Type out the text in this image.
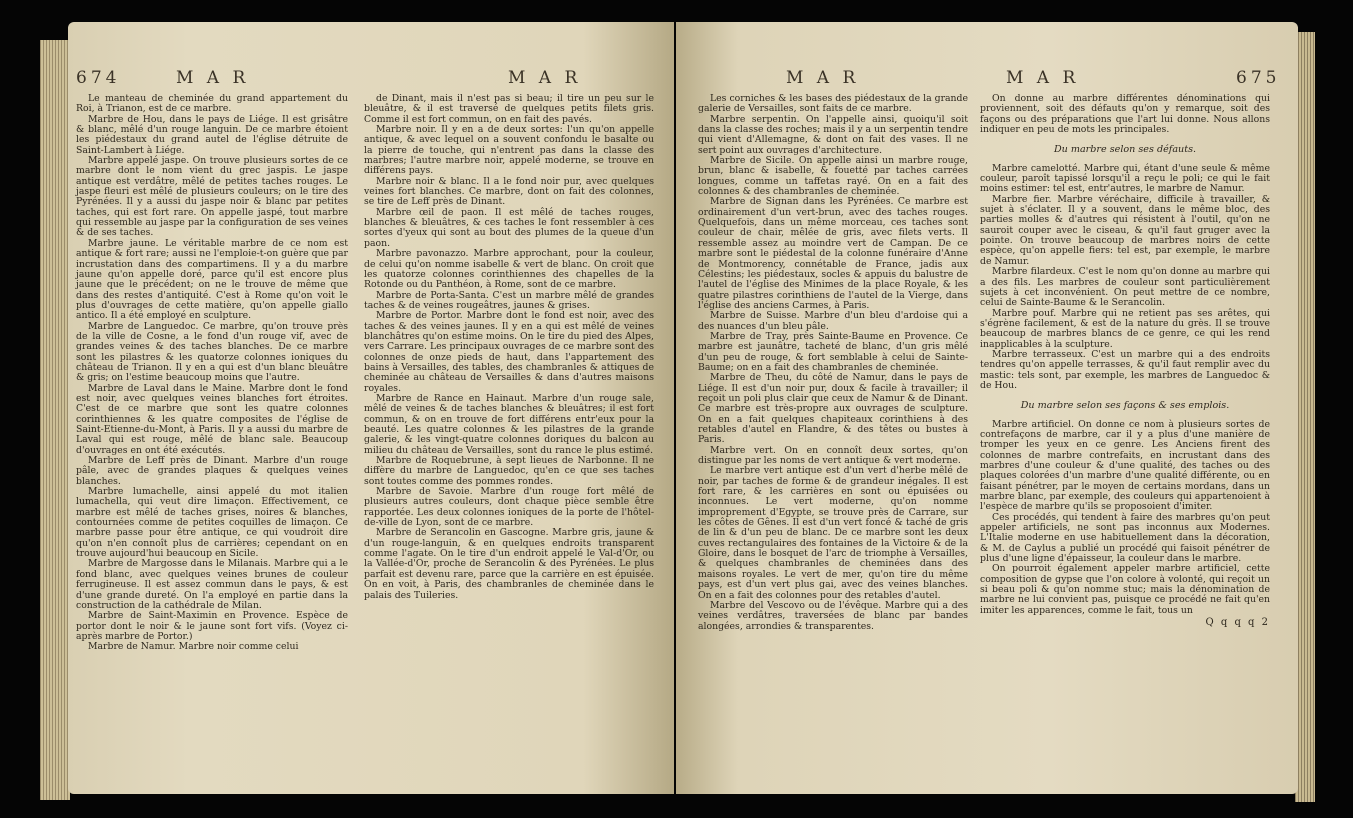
674	M A R	M A R

Le manteau de cheminée du grand appartement du Roi, à Trianon, est de ce marbre.

Marbre de Hou, dans le pays de Liége. Il est grisâtre & blanc, mêlé d'un rouge languin. De ce marbre étoient les piédestaux du grand autel de l'église détruite de Saint-Lambert à Liége.

Marbre appelé jaspe. On trouve plusieurs sortes de ce marbre dont le nom vient du grec jaspis. Le jaspe antique est verdâtre, mêlé de petites taches rouges. Le jaspe fleuri est mêlé de plusieurs couleurs; on le tire des Pyrénées. Il y a aussi du jaspe noir & blanc par petites taches, qui est fort rare. On appelle jaspé, tout marbre qui ressemble au jaspe par la configuration de ses veines & de ses taches.

Marbre jaune. Le véritable marbre de ce nom est antique & fort rare; aussi ne l'emploie-t-on guère que par incrustation dans des compartimens. Il y a du marbre jaune qu'on appelle doré, parce qu'il est encore plus jaune que le précédent; on ne le trouve de même que dans des restes d'antiquité. C'est à Rome qu'on voit le plus d'ouvrages de cette matière, qu'on appelle giallo antico. Il a été employé en sculpture.

Marbre de Languedoc. Ce marbre, qu'on trouve près de la ville de Cosne, a le fond d'un rouge vif, avec de grandes veines & des taches blanches. De ce marbre sont les pilastres & les quatorze colonnes ioniques du château de Trianon. Il y en a qui est d'un blanc bleuâtre & gris; on l'estime beaucoup moins que l'autre.

Marbre de Laval dans le Maine. Marbre dont le fond est noir, avec quelques veines blanches fort étroites. C'est de ce marbre que sont les quatre colonnes corinthiennes & les quatre composites de l'église de Saint-Etienne-du-Mont, à Paris. Il y a aussi du marbre de Laval qui est rouge, mêlé de blanc sale. Beaucoup d'ouvrages en ont été exécutés.

Marbre de Leff près de Dinant. Marbre d'un rouge pâle, avec de grandes plaques & quelques veines blanches.

Marbre lumachelle, ainsi appelé du mot italien lumachella, qui veut dire limaçon. Effectivement, ce marbre est mêlé de taches grises, noires & blanches, contournées comme de petites coquilles de limaçon. Ce marbre passe pour être antique, ce qui voudroit dire qu'on n'en connoît plus de carrières; cependant on en trouve aujourd'hui beaucoup en Sicile.

Marbre de Margosse dans le Milanais. Marbre qui a le fond blanc, avec quelques veines brunes de couleur ferrugineuse. Il est assez commun dans le pays, & est d'une grande dureté. On l'a employé en partie dans la construction de la cathédrale de Milan.

Marbre de Saint-Maximin en Provence. Espèce de portor dont le noir & le jaune sont fort vifs. (Voyez ci-après marbre de Portor.)

Marbre de Namur. Marbre noir comme celui

de Dinant, mais il n'est pas si beau; il tire un peu sur le bleuâtre, & il est traversé de quelques petits filets gris. Comme il est fort commun, on en fait des pavés.

Marbre noir. Il y en a de deux sortes: l'un qu'on appelle antique, & avec lequel on a souvent confondu le basalte ou la pierre de touche, qui n'entrent pas dans la classe des marbres; l'autre marbre noir, appelé moderne, se trouve en différens pays.

Marbre noir & blanc. Il a le fond noir pur, avec quelques veines fort blanches. Ce marbre, dont on fait des colonnes, se tire de Leff près de Dinant.

Marbre œil de paon. Il est mêlé de taches rouges, blanches & bleuâtres, & ces taches le font ressembler à ces sortes d'yeux qui sont au bout des plumes de la queue d'un paon.

Marbre pavonazzo. Marbre approchant, pour la couleur, de celui qu'on nomme isabelle & vert de blanc. On croit que les quatorze colonnes corinthiennes des chapelles de la Rotonde ou du Panthéon, à Rome, sont de ce marbre.

Marbre de Porta-Santa. C'est un marbre mêlé de grandes taches & de veines rougeâtres, jaunes & grises.

Marbre de Portor. Marbre dont le fond est noir, avec des taches & des veines jaunes. Il y en a qui est mêlé de veines blanchâtres qu'on estime moins. On le tire du pied des Alpes, vers Carrare. Les principaux ouvrages de ce marbre sont des colonnes de onze pieds de haut, dans l'appartement des bains à Versailles, des tables, des chambranles & attiques de cheminée au château de Versailles & dans d'autres maisons royales.

Marbre de Rance en Hainaut. Marbre d'un rouge sale, mêlé de veines & de taches blanches & bleuâtres; il est fort commun, & on en trouve de fort différens entr'eux pour la beauté. Les quatre colonnes & les pilastres de la grande galerie, & les vingt-quatre colonnes doriques du balcon au milieu du château de Versailles, sont du rance le plus estimé.

Marbre de Roquebrune, à sept lieues de Narbonne. Il ne diffère du marbre de Languedoc, qu'en ce que ses taches sont toutes comme des pommes rondes.

Marbre de Savoie. Marbre d'un rouge fort mêlé de plusieurs autres couleurs, dont chaque pièce semble être rapportée. Les deux colonnes ioniques de la porte de l'hôtel-de-ville de Lyon, sont de ce marbre.

Marbre de Serancolin en Gascogne. Marbre gris, jaune & d'un rouge-languin, & en quelques endroits transparent comme l'agate. On le tire d'un endroit appelé le Val-d'Or, ou la Vallée-d'Or, proche de Serancolin & des Pyrénées. Le plus parfait est devenu rare, parce que la carrière en est épuisée. On en voit, à Paris, des chambranles de cheminée dans le palais des Tuileries.

M A R	M A R	675

Les corniches & les bases des piédestaux de la grande galerie de Versailles, sont faits de ce marbre.

Marbre serpentin. On l'appelle ainsi, quoiqu'il soit dans la classe des roches; mais il y a un serpentin tendre qui vient d'Allemagne, & dont on fait des vases. Il ne sert point aux ouvrages d'architecture.

Marbre de Sicile. On appelle ainsi un marbre rouge, brun, blanc & isabelle, & fouetté par taches carrées longues, comme un taffetas rayé. On en a fait des colonnes & des chambranles de cheminée.

Marbre de Signan dans les Pyrénées. Ce marbre est ordinairement d'un vert-brun, avec des taches rouges. Quelquefois, dans un même morceau, ces taches sont couleur de chair, mêlée de gris, avec filets verts. Il ressemble assez au moindre vert de Campan. De ce marbre sont le piédestal de la colonne funéraire d'Anne de Montmorency, connétable de France, jadis aux Célestins; les piédestaux, socles & appuis du balustre de l'autel de l'église des Minimes de la place Royale, & les quatre pilastres corinthiens de l'autel de la Vierge, dans l'église des anciens Carmes, à Paris.

Marbre de Suisse. Marbre d'un bleu d'ardoise qui a des nuances d'un bleu pâle.

Marbre de Tray, près Sainte-Baume en Provence. Ce marbre est jaunâtre, tacheté de blanc, d'un gris mêlé d'un peu de rouge, & fort semblable à celui de Sainte-Baume; on en a fait des chambranles de cheminée.

Marbre de Theu, du côté de Namur, dans le pays de Liége. Il est d'un noir pur, doux & facile à travailler; il reçoit un poli plus clair que ceux de Namur & de Dinant. Ce marbre est très-propre aux ouvrages de sculpture. On en a fait quelques chapiteaux corinthiens à des retables d'autel en Flandre, & des têtes ou bustes à Paris.

Marbre vert. On en connoît deux sortes, qu'on distingue par les noms de vert antique & vert moderne.

Le marbre vert antique est d'un vert d'herbe mêlé de noir, par taches de forme & de grandeur inégales. Il est fort rare, & les carrières en sont ou épuisées ou inconnues. Le vert moderne, qu'on nomme improprement d'Egypte, se trouve près de Carrare, sur les côtes de Gênes. Il est d'un vert foncé & taché de gris de lin & d'un peu de blanc. De ce marbre sont les deux cuves rectangulaires des fontaines de la Victoire & de la Gloire, dans le bosquet de l'arc de triomphe à Versailles, & quelques chambranles de cheminées dans des maisons royales. Le vert de mer, qu'on tire du même pays, est d'un vert plus gai, avec des veines blanches. On en a fait des colonnes pour des retables d'autel.

Marbre del Vescovo ou de l'évêque. Marbre qui a des veines verdâtres, traversées de blanc par bandes alongées, arrondies & transparentes.

On donne au marbre différentes dénominations qui proviennent, soit des défauts qu'on y remarque, soit des façons ou des préparations que l'art lui donne. Nous allons indiquer en peu de mots les principales.

Du marbre selon ses défauts.

Marbre camelotté. Marbre qui, étant d'une seule & même couleur, paroît tapissé lorsqu'il a reçu le poli; ce qui le fait moins estimer: tel est, entr'autres, le marbre de Namur.

Marbre fier. Marbre véréchaire, difficile à travailler, & sujet à s'éclater. Il y a souvent, dans le même bloc, des parties molles & d'autres qui résistent à l'outil, qu'on ne sauroit couper avec le ciseau, & qu'il faut gruger avec la pointe. On trouve beaucoup de marbres noirs de cette espèce, qu'on appelle fiers: tel est, par exemple, le marbre de Namur.

Marbre filardeux. C'est le nom qu'on donne au marbre qui a des fils. Les marbres de couleur sont particulièrement sujets à cet inconvénient. On peut mettre de ce nombre, celui de Sainte-Baume & le Serancolin.

Marbre pouf. Marbre qui ne retient pas ses arêtes, qui s'égrène facilement, & est de la nature du grès. Il se trouve beaucoup de marbres blancs de ce genre, ce qui les rend inapplicables à la sculpture.

Marbre terrasseux. C'est un marbre qui a des endroits tendres qu'on appelle terrasses, & qu'il faut remplir avec du mastic: tels sont, par exemple, les marbres de Languedoc & de Hou.

Du marbre selon ses façons & ses emplois.

Marbre artificiel. On donne ce nom à plusieurs sortes de contrefaçons de marbre, car il y a plus d'une manière de tromper les yeux en ce genre. Les Anciens firent des colonnes de marbre contrefaits, en incrustant dans des marbres d'une couleur & d'une qualité, des taches ou des plaques colorées d'un marbre d'une qualité différente, ou en faisant pénétrer, par le moyen de certains mordans, dans un marbre blanc, par exemple, des couleurs qui appartenoient à l'espèce de marbre qu'ils se proposoient d'imiter.

Ces procédés, qui tendent à faire des marbres qu'on peut appeler artificiels, ne sont pas inconnus aux Modernes. L'Italie moderne en use habituellement dans la décoration, & M. de Caylus a publié un procédé qui faisoit pénétrer de plus d'une ligne d'épaisseur, la couleur dans le marbre.

On pourroit également appeler marbre artificiel, cette composition de gypse que l'on colore à volonté, qui reçoit un si beau poli & qu'on nomme stuc; mais la dénomination de marbre ne lui convient pas, puisque ce procédé ne fait qu'en imiter les apparences, comme le fait, tous un

Q q q q 2
